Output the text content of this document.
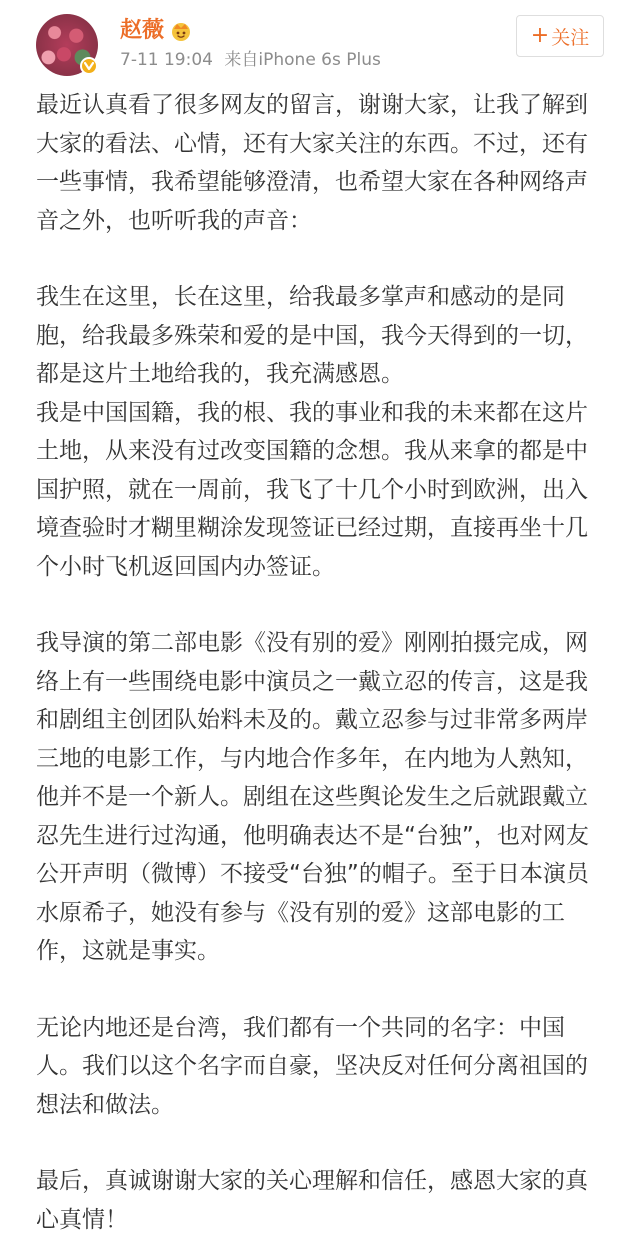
赵薇
7-11 19:04 来自iPhone 6s Plus
+ 关注

最近认真看了很多网友的留言，谢谢大家，让我了解到大家的看法、心情，还有大家关注的东西。不过，还有一些事情，我希望能够澄清，也希望大家在各种网络声音之外，也听听我的声音：

我生在这里，长在这里，给我最多掌声和感动的是同胞，给我最多殊荣和爱的是中国，我今天得到的一切，都是这片土地给我的，我充满感恩。

我是中国国籍，我的根、我的事业和我的未来都在这片土地，从来没有过改变国籍的念想。我从来拿的都是中国护照，就在一周前，我飞了十几个小时到欧洲，出入境查验时才糊里糊涂发现签证已经过期，直接再坐十几个小时飞机返回国内办签证。

我导演的第二部电影《没有别的爱》刚刚拍摄完成，网络上有一些围绕电影中演员之一戴立忍的传言，这是我和剧组主创团队始料未及的。戴立忍参与过非常多两岸三地的电影工作，与内地合作多年，在内地为人熟知，他并不是一个新人。剧组在这些舆论发生之后就跟戴立忍先生进行过沟通，他明确表达不是“台独”，也对网友公开声明（微博）不接受“台独”的帽子。至于日本演员水原希子，她没有参与《没有别的爱》这部电影的工作，这就是事实。

无论内地还是台湾，我们都有一个共同的名字：中国人。我们以这个名字而自豪，坚决反对任何分离祖国的想法和做法。

最后，真诚谢谢大家的关心理解和信任，感恩大家的真心真情！
